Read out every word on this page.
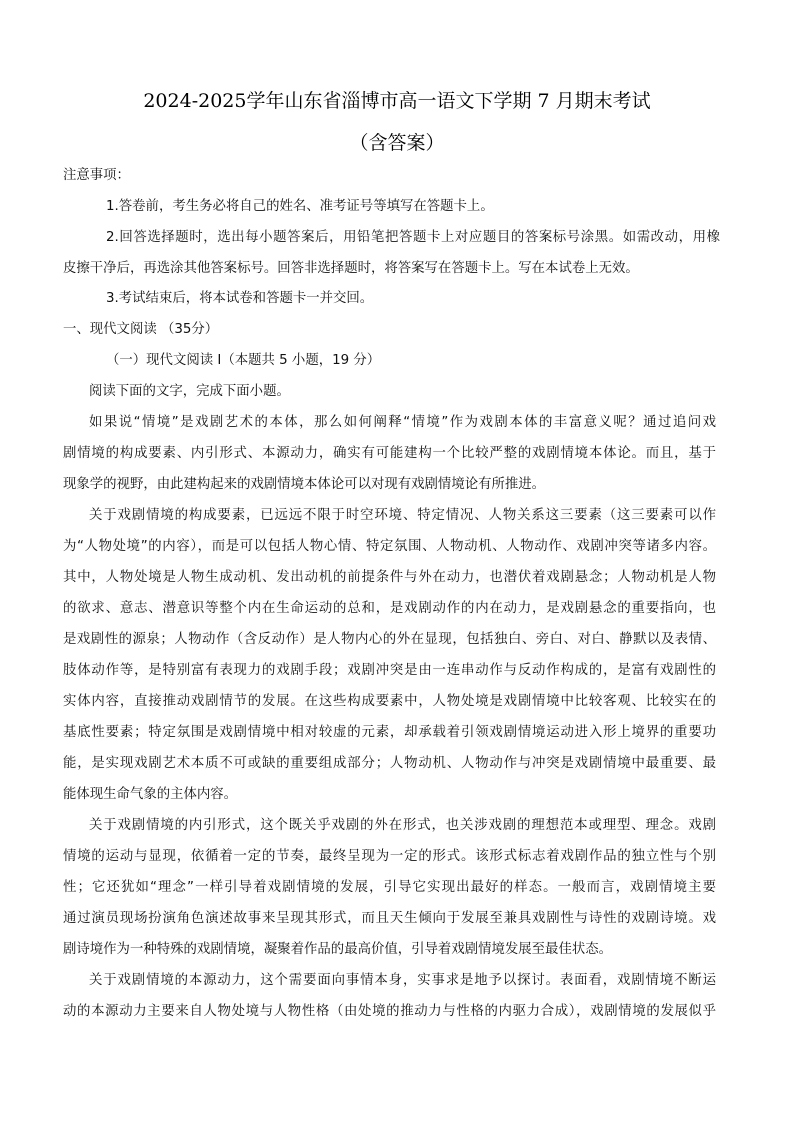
2024-2025学年山东省淄博市高一语文下学期 7 月期末考试
（含答案）
注意事项：
1.答卷前，考生务必将自己的姓名、准考证号等填写在答题卡上。
2.回答选择题时，选出每小题答案后，用铅笔把答题卡上对应题目的答案标号涂黑。如需改动，用橡
皮擦干净后，再选涂其他答案标号。回答非选择题时，将答案写在答题卡上。写在本试卷上无效。
3.考试结束后，将本试卷和答题卡一并交回。
一、现代文阅读 （35分）
（一）现代文阅读 I（本题共 5 小题，19 分）
阅读下面的文字，完成下面小题。
如果说“情境”是戏剧艺术的本体，那么如何阐释“情境”作为戏剧本体的丰富意义呢？通过追问戏
剧情境的构成要素、内引形式、本源动力，确实有可能建构一个比较严整的戏剧情境本体论。而且，基于
现象学的视野，由此建构起来的戏剧情境本体论可以对现有戏剧情境论有所推进。
关于戏剧情境的构成要素，已远远不限于时空环境、特定情况、人物关系这三要素（这三要素可以作
为“人物处境”的内容），而是可以包括人物心情、特定氛围、人物动机、人物动作、戏剧冲突等诸多内容。
其中，人物处境是人物生成动机、发出动机的前提条件与外在动力，也潜伏着戏剧悬念；人物动机是人物
的欲求、意志、潜意识等整个内在生命运动的总和，是戏剧动作的内在动力，是戏剧悬念的重要指向，也
是戏剧性的源泉；人物动作（含反动作）是人物内心的外在显现，包括独白、旁白、对白、静默以及表情、
肢体动作等，是特别富有表现力的戏剧手段；戏剧冲突是由一连串动作与反动作构成的，是富有戏剧性的
实体内容，直接推动戏剧情节的发展。在这些构成要素中，人物处境是戏剧情境中比较客观、比较实在的
基底性要素；特定氛围是戏剧情境中相对较虚的元素，却承载着引领戏剧情境运动进入形上境界的重要功
能，是实现戏剧艺术本质不可或缺的重要组成部分；人物动机、人物动作与冲突是戏剧情境中最重要、最
能体现生命气象的主体内容。
关于戏剧情境的内引形式，这个既关乎戏剧的外在形式，也关涉戏剧的理想范本或理型、理念。戏剧
情境的运动与显现，依循着一定的节奏，最终呈现为一定的形式。该形式标志着戏剧作品的独立性与个别
性；它还犹如“理念”一样引导着戏剧情境的发展，引导它实现出最好的样态。一般而言，戏剧情境主要
通过演员现场扮演角色演述故事来呈现其形式，而且天生倾向于发展至兼具戏剧性与诗性的戏剧诗境。戏
剧诗境作为一种特殊的戏剧情境，凝聚着作品的最高价值，引导着戏剧情境发展至最佳状态。
关于戏剧情境的本源动力，这个需要面向事情本身，实事求是地予以探讨。表面看，戏剧情境不断运
动的本源动力主要来自人物处境与人物性格（由处境的推动力与性格的内驱力合成），戏剧情境的发展似乎
